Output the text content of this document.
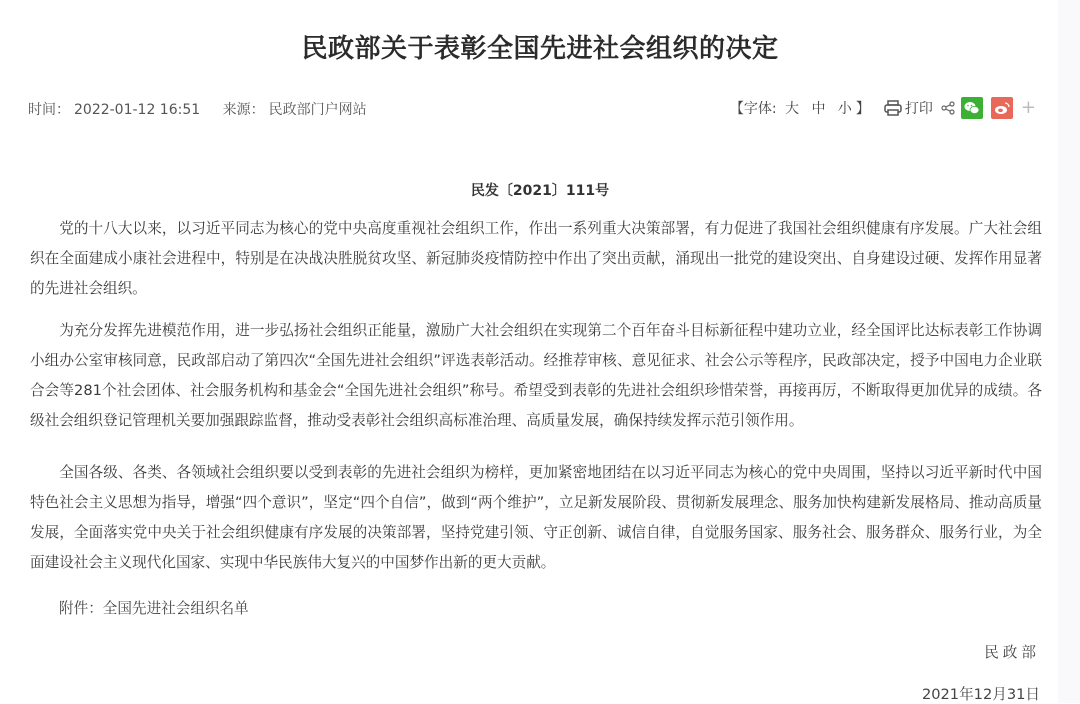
民政部关于表彰全国先进社会组织的决定
时间： 2022-01-12 16:51 来源： 民政部门户网站	【字体: 大 中 小 】	打印	+
民发〔2021〕111号
党的十八大以来，以习近平同志为核心的党中央高度重视社会组织工作，作出一系列重大决策部署，有力促进了我国社会组织健康有序发展。广大社会组织在全面建成小康社会进程中，特别是在决战决胜脱贫攻坚、新冠肺炎疫情防控中作出了突出贡献，涌现出一批党的建设突出、自身建设过硬、发挥作用显著的先进社会组织。
为充分发挥先进模范作用，进一步弘扬社会组织正能量，激励广大社会组织在实现第二个百年奋斗目标新征程中建功立业，经全国评比达标表彰工作协调小组办公室审核同意，民政部启动了第四次“全国先进社会组织”评选表彰活动。经推荐审核、意见征求、社会公示等程序，民政部决定，授予中国电力企业联合会等281个社会团体、社会服务机构和基金会“全国先进社会组织”称号。希望受到表彰的先进社会组织珍惜荣誉，再接再厉，不断取得更加优异的成绩。各级社会组织登记管理机关要加强跟踪监督，推动受表彰社会组织高标准治理、高质量发展，确保持续发挥示范引领作用。
全国各级、各类、各领域社会组织要以受到表彰的先进社会组织为榜样，更加紧密地团结在以习近平同志为核心的党中央周围，坚持以习近平新时代中国特色社会主义思想为指导，增强“四个意识”，坚定“四个自信”，做到“两个维护”，立足新发展阶段、贯彻新发展理念、服务加快构建新发展格局、推动高质量发展，全面落实党中央关于社会组织健康有序发展的决策部署，坚持党建引领、守正创新、诚信自律，自觉服务国家、服务社会、服务群众、服务行业，为全面建设社会主义现代化国家、实现中华民族伟大复兴的中国梦作出新的更大贡献。
附件：全国先进社会组织名单
民政部
2021年12月31日
